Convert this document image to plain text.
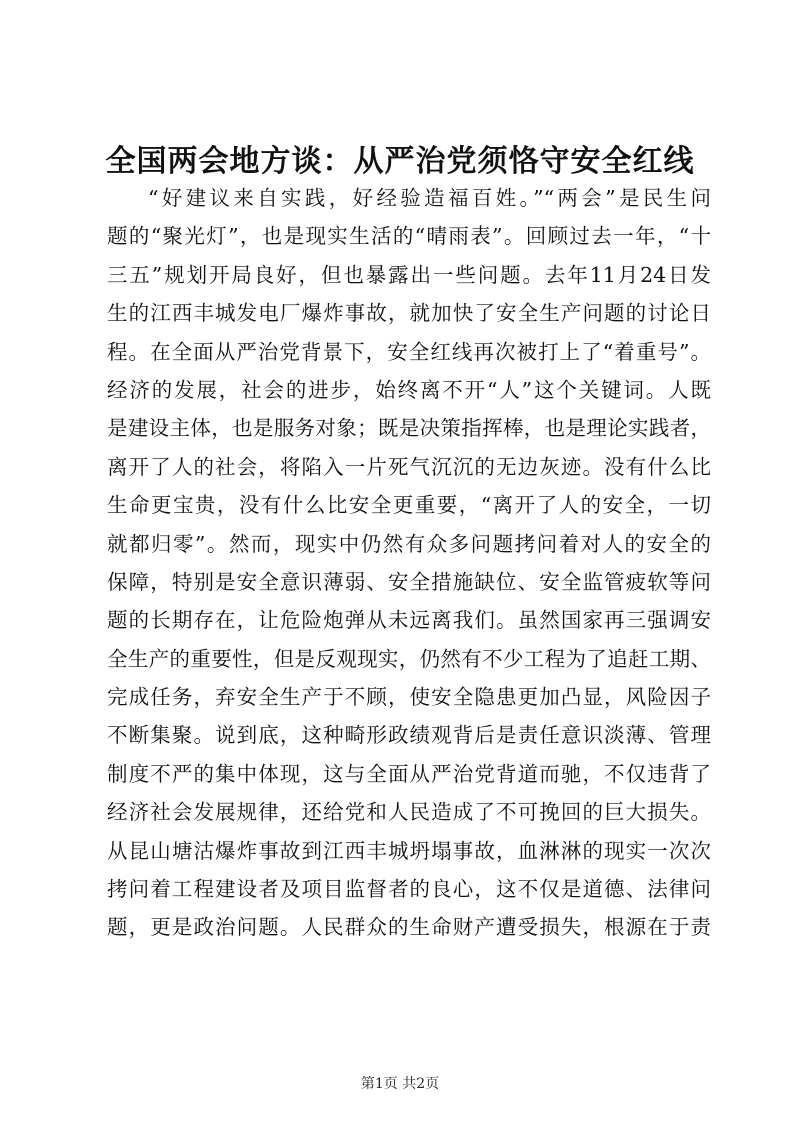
全国两会地方谈：从严治党须恪守安全红线
“好建议来自实践，好经验造福百姓。”“两会”是民生问
题的“聚光灯”，也是现实生活的“晴雨表”。回顾过去一年，“十
三五”规划开局良好，但也暴露出一些问题。去年11月24日发
生的江西丰城发电厂爆炸事故，就加快了安全生产问题的讨论日
程。在全面从严治党背景下，安全红线再次被打上了“着重号”。
经济的发展，社会的进步，始终离不开“人”这个关键词。人既
是建设主体，也是服务对象；既是决策指挥棒，也是理论实践者，
离开了人的社会，将陷入一片死气沉沉的无边灰迹。没有什么比
生命更宝贵，没有什么比安全更重要，“离开了人的安全，一切
就都归零”。然而，现实中仍然有众多问题拷问着对人的安全的
保障，特别是安全意识薄弱、安全措施缺位、安全监管疲软等问
题的长期存在，让危险炮弹从未远离我们。虽然国家再三强调安
全生产的重要性，但是反观现实，仍然有不少工程为了追赶工期、
完成任务，弃安全生产于不顾，使安全隐患更加凸显，风险因子
不断集聚。说到底，这种畸形政绩观背后是责任意识淡薄、管理
制度不严的集中体现，这与全面从严治党背道而驰，不仅违背了
经济社会发展规律，还给党和人民造成了不可挽回的巨大损失。
从昆山塘沽爆炸事故到江西丰城坍塌事故，血淋淋的现实一次次
拷问着工程建设者及项目监督者的良心，这不仅是道德、法律问
题，更是政治问题。人民群众的生命财产遭受损失，根源在于责
第1页 共2页
